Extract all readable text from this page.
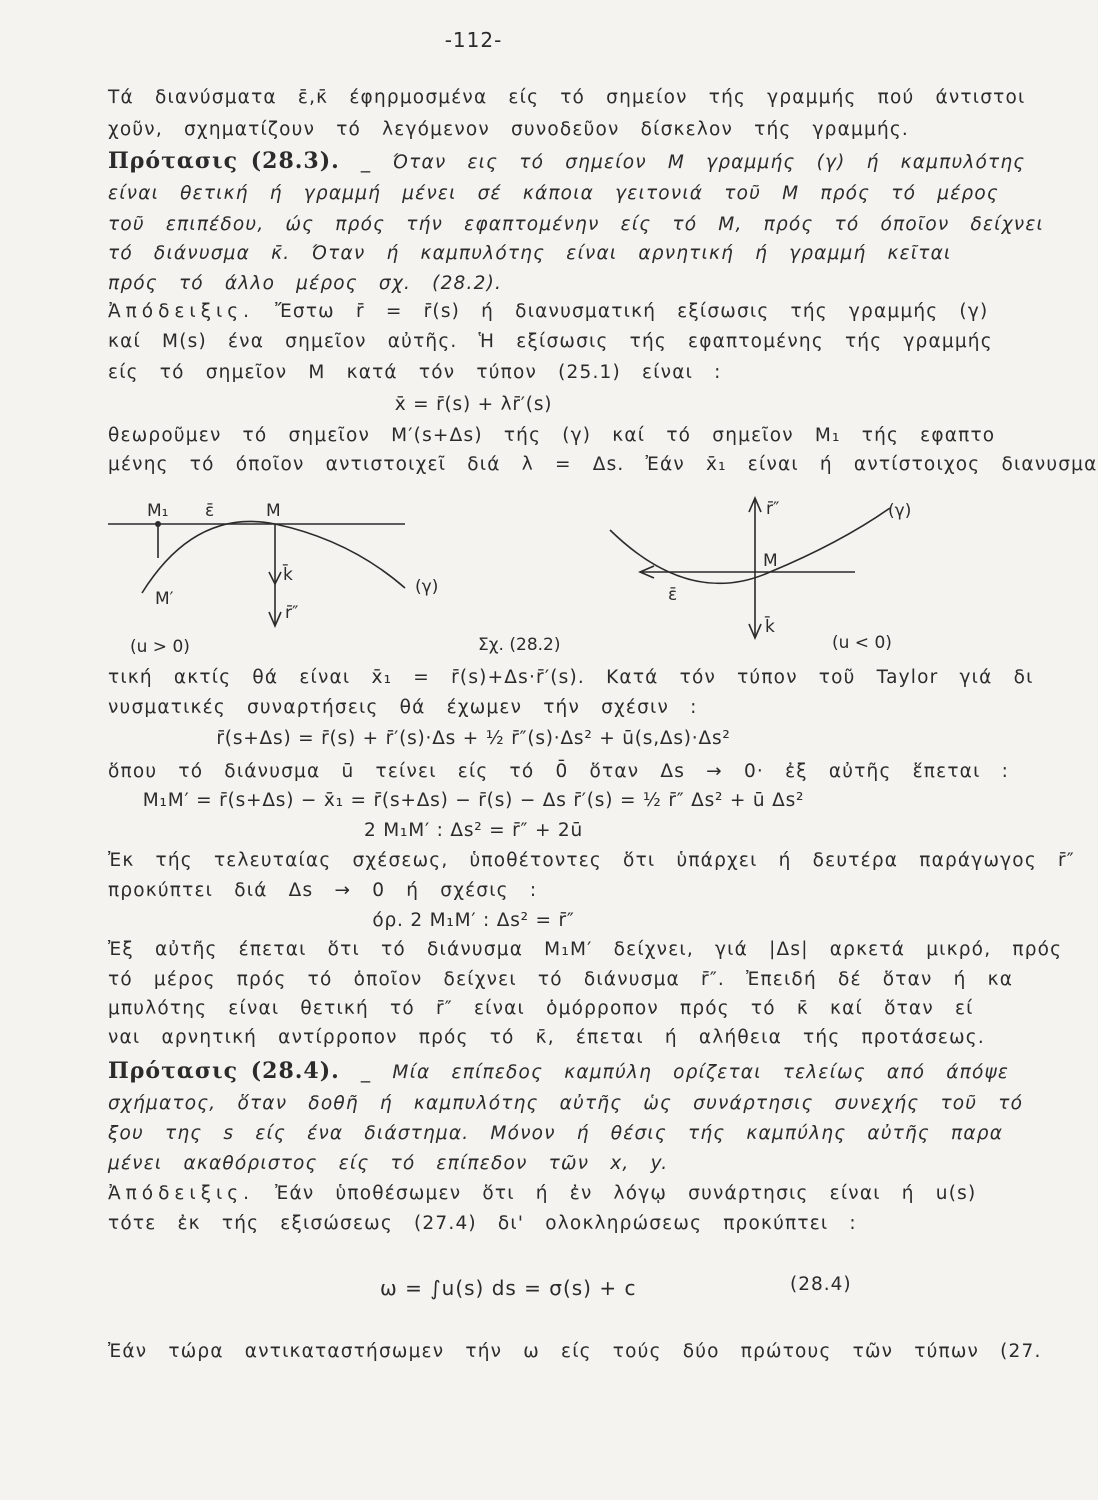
-112-
Τά διανύσματα ε̄,κ̄ έφηρμοσμένα είς τό σημείον τής γραμμής πού άντιστοι
χοῦν, σχηματίζουν τό λεγόμενον συνοδεῦον δίσκελον τής γραμμής.
Πρότασις (28.3). _ Όταν εις τό σημείον Μ γραμμής (γ) ή καμπυλότης
είναι θετική ή γραμμή μένει σέ κάποια γειτονιά τοῦ Μ πρός τό μέρος
τοῦ επιπέδου, ώς πρός τήν εφαπτομένην είς τό Μ, πρός τό όποῖον δείχνει
τό διάνυσμα κ̄. Όταν ή καμπυλότης είναι αρνητική ή γραμμή κεῖται
πρός τό άλλο μέρος σχ. (28.2).
Ἀπόδειξις. Ἔστω r̄ = r̄(s) ή διανυσματική εξίσωσις τής γραμμής (γ)
καί Μ(s) ένα σημεῖον αὐτῆς. Ἡ εξίσωσις τής εφαπτομένης τής γραμμής
είς τό σημεῖον Μ κατά τόν τύπον (25.1) είναι :
x̄ = r̄(s) + λr̄′(s)
θεωροῦμεν τό σημεῖον Μ′(s+Δs) τής (γ) καί τό σημεῖον Μ₁ τής εφαπτο
μένης τό όποῖον αντιστοιχεῖ διά λ = Δs. Ἐάν x̄₁ είναι ή αντίστοιχος διανυσμα
M₁ ε̄	M
M′
k̄
r̄″
(γ)
(u > 0)	Σχ. (28.2)
r̄″	(γ)
M
ε̄
k̄
(u < 0)
τική ακτίς θά είναι x̄₁ = r̄(s)+Δs·r̄′(s). Κατά τόν τύπον τοῦ Taylor γιά δι
νυσματικές συναρτήσεις θά έχωμεν τήν σχέσιν :
r̄(s+Δs) = r̄(s) + r̄′(s)·Δs + ½ r̄″(s)·Δs² + ū(s,Δs)·Δs²
ὅπου τό διάνυσμα ū τείνει είς τό 0̄ ὅταν Δs → 0· ἐξ αὐτῆς ἕπεται :
M₁M′ = r̄(s+Δs) − x̄₁ = r̄(s+Δs) − r̄(s) − Δs r̄′(s) = ½ r̄″ Δs² + ū Δs²
2 M₁M′ : Δs² = r̄″ + 2ū
Ἐκ τής τελευταίας σχέσεως, ὑποθέτοντες ὅτι ὑπάρχει ή δευτέρα παράγωγος r̄″
προκύπτει διά Δs → 0 ή σχέσις :
όρ. 2 M₁M′ : Δs² = r̄″
Ἐξ αὐτῆς έπεται ὅτι τό διάνυσμα Μ₁Μ′ δείχνει, γιά |Δs| αρκετά μικρό, πρός
τό μέρος πρός τό ὁποῖον δείχνει τό διάνυσμα r̄″. Ἐπειδή δέ ὅταν ή κα
μπυλότης είναι θετική τό r̄″ είναι ὁμόρροπον πρός τό κ̄ καί ὅταν εί
ναι αρνητική αντίρροπον πρός τό κ̄, έπεται ή αλήθεια τής προτάσεως.
Πρότασις (28.4). _ Μία επίπεδος καμπύλη ορίζεται τελείως από άπόψε
σχήματος, ὅταν δοθῆ ή καμπυλότης αὐτῆς ὡς συνάρτησις συνεχής τοῦ τό
ξου της s είς ένα διάστημα. Μόνον ή θέσις τής καμπύλης αὐτῆς παρα
μένει ακαθόριστος είς τό επίπεδον τῶν x, y.
Ἀπόδειξις. Ἐάν ὑποθέσωμεν ὅτι ή ἐν λόγῳ συνάρτησις είναι ή u(s)
τότε ἐκ τής εξισώσεως (27.4) δι' ολοκληρώσεως προκύπτει :
ω = ∫u(s) ds = σ(s) + c	(28.4)
Ἐάν τώρα αντικαταστήσωμεν τήν ω είς τούς δύο πρώτους τῶν τύπων (27.
